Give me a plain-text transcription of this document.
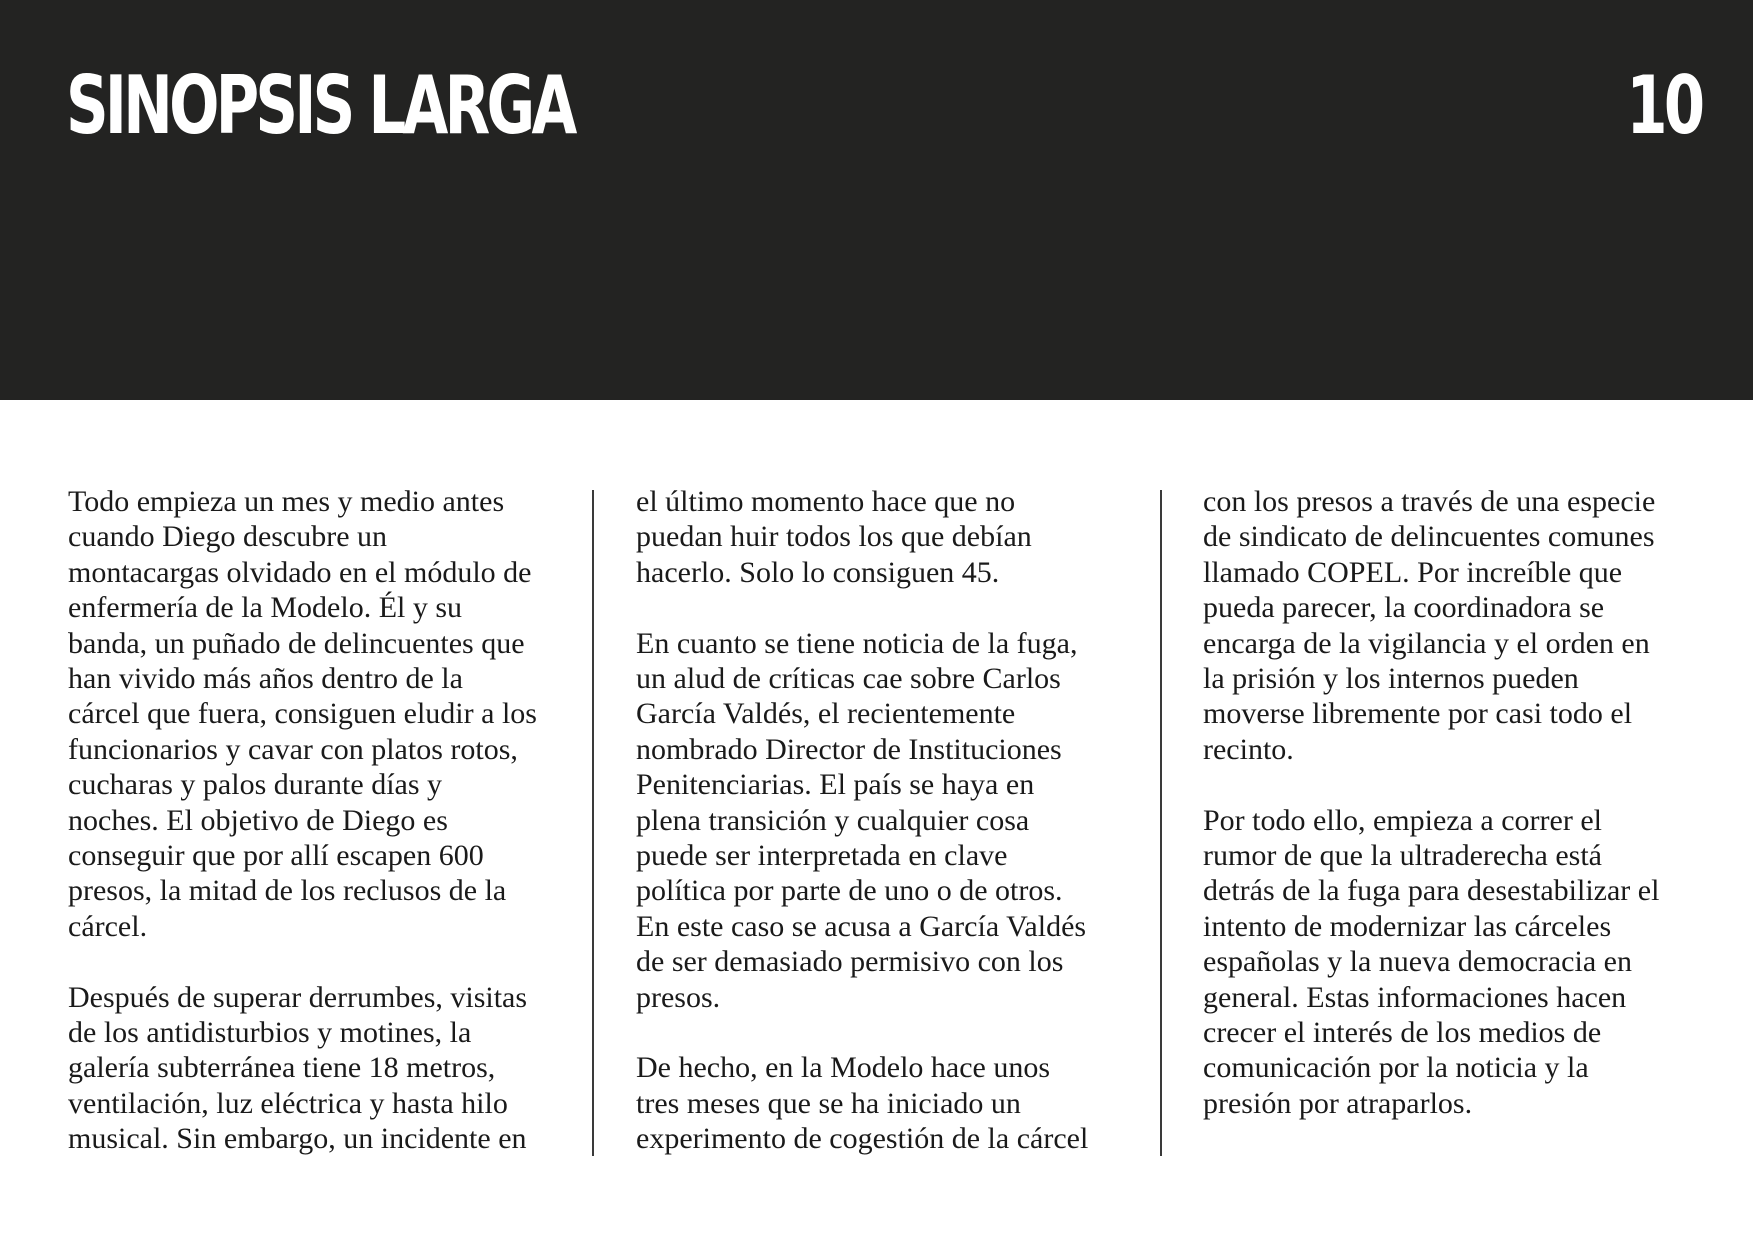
SINOPSIS LARGA	10

Todo empieza un mes y medio antes
cuando Diego descubre un
montacargas olvidado en el módulo de
enfermería de la Modelo. Él y su
banda, un puñado de delincuentes que
han vivido más años dentro de la
cárcel que fuera, consiguen eludir a los
funcionarios y cavar con platos rotos,
cucharas y palos durante días y
noches. El objetivo de Diego es
conseguir que por allí escapen 600
presos, la mitad de los reclusos de la
cárcel.

Después de superar derrumbes, visitas
de los antidisturbios y motines, la
galería subterránea tiene 18 metros,
ventilación, luz eléctrica y hasta hilo
musical. Sin embargo, un incidente en

el último momento hace que no
puedan huir todos los que debían
hacerlo. Solo lo consiguen 45.

En cuanto se tiene noticia de la fuga,
un alud de críticas cae sobre Carlos
García Valdés, el recientemente
nombrado Director de Instituciones
Penitenciarias. El país se haya en
plena transición y cualquier cosa
puede ser interpretada en clave
política por parte de uno o de otros.
En este caso se acusa a García Valdés
de ser demasiado permisivo con los
presos.

De hecho, en la Modelo hace unos
tres meses que se ha iniciado un
experimento de cogestión de la cárcel

con los presos a través de una especie
de sindicato de delincuentes comunes
llamado COPEL. Por increíble que
pueda parecer, la coordinadora se
encarga de la vigilancia y el orden en
la prisión y los internos pueden
moverse libremente por casi todo el
recinto.

Por todo ello, empieza a correr el
rumor de que la ultraderecha está
detrás de la fuga para desestabilizar el
intento de modernizar las cárceles
españolas y la nueva democracia en
general. Estas informaciones hacen
crecer el interés de los medios de
comunicación por la noticia y la
presión por atraparlos.
